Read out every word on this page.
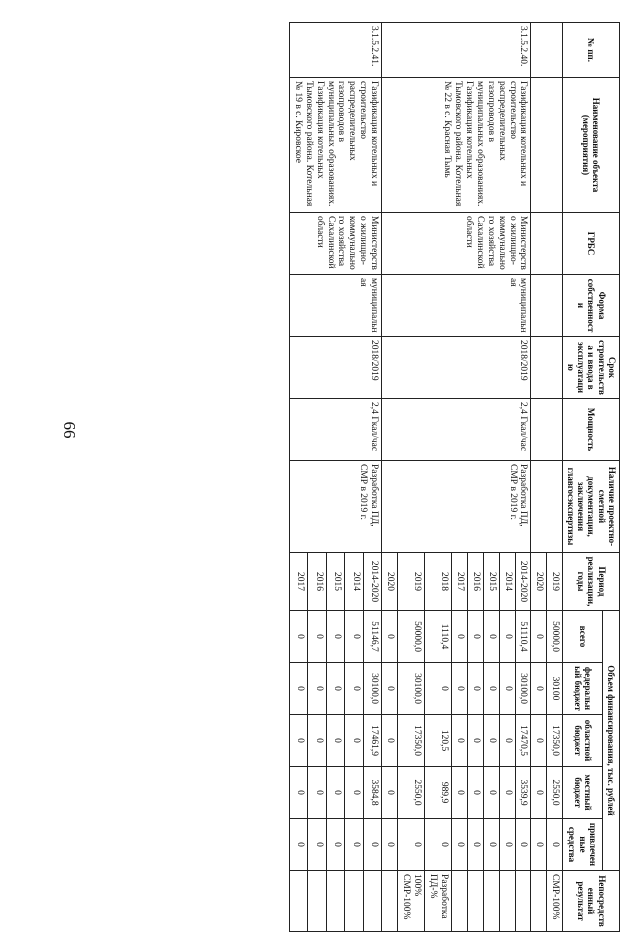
66
№ пп.	Наименование объекта (мероприятия)	ГРБС	Форма собственности	Срок строительства и ввода в эксплуатацию	Мощность	Наличие проектно-сметной документации, заключения главгосэкспертизы	Период реализации, годы	Объем финансирования, тыс. рублей					Непосредственный результат
								всего	федеральный бюджет	областной бюджет	местный бюджет	привлеченные средства	
							2019	50000,0	30100	17350,0	2550,0	0	СМР-100%
							2020	0	0	0	0	0	
3.1.5.2.40.	Газификация котельных и строительство распределительных газопроводов в муниципальных образованиях. Газификация котельных Тымовского района. Котельная № 22 в с. Красная Тымь	Министерство жилищно-коммунального хозяйства Сахалинской области	муниципальная	2018/2019	2,4 Гкал/час	Разработка ПД, СМР в 2019 г.	2014-2020	51110,4	30100,0	17470,5	3539,9	0	
							2014	0	0	0	0	0	
							2015	0	0	0	0	0	
							2016	0	0	0	0	0	
							2017	0	0	0	0	0	
							2018	1110,4	0	120,5	989,9	0	Разработка ПД-%
							2019	50000,0	30100,0	17350,0	2550,0	0	100% СМР-100%
							2020	0	0	0	0	0	
3.1.5.2.41.	Газификация котельных и строительство распределительных газопроводов в муниципальных образованиях. Газификация котельных Тымовского района. Котельная № 19 в с. Кировское	Министерство жилищно-коммунального хозяйства Сахалинской области	муниципальная	2018/2019	2,4 Гкал/час	Разработка ПД, СМР в 2019 г.	2014-2020	51146,7	30100,0	17461,9	3584,8	0	
							2014	0	0	0	0	0	
							2015	0	0	0	0	0	
							2016	0	0	0	0	0	
							2017	0	0	0	0	0	
